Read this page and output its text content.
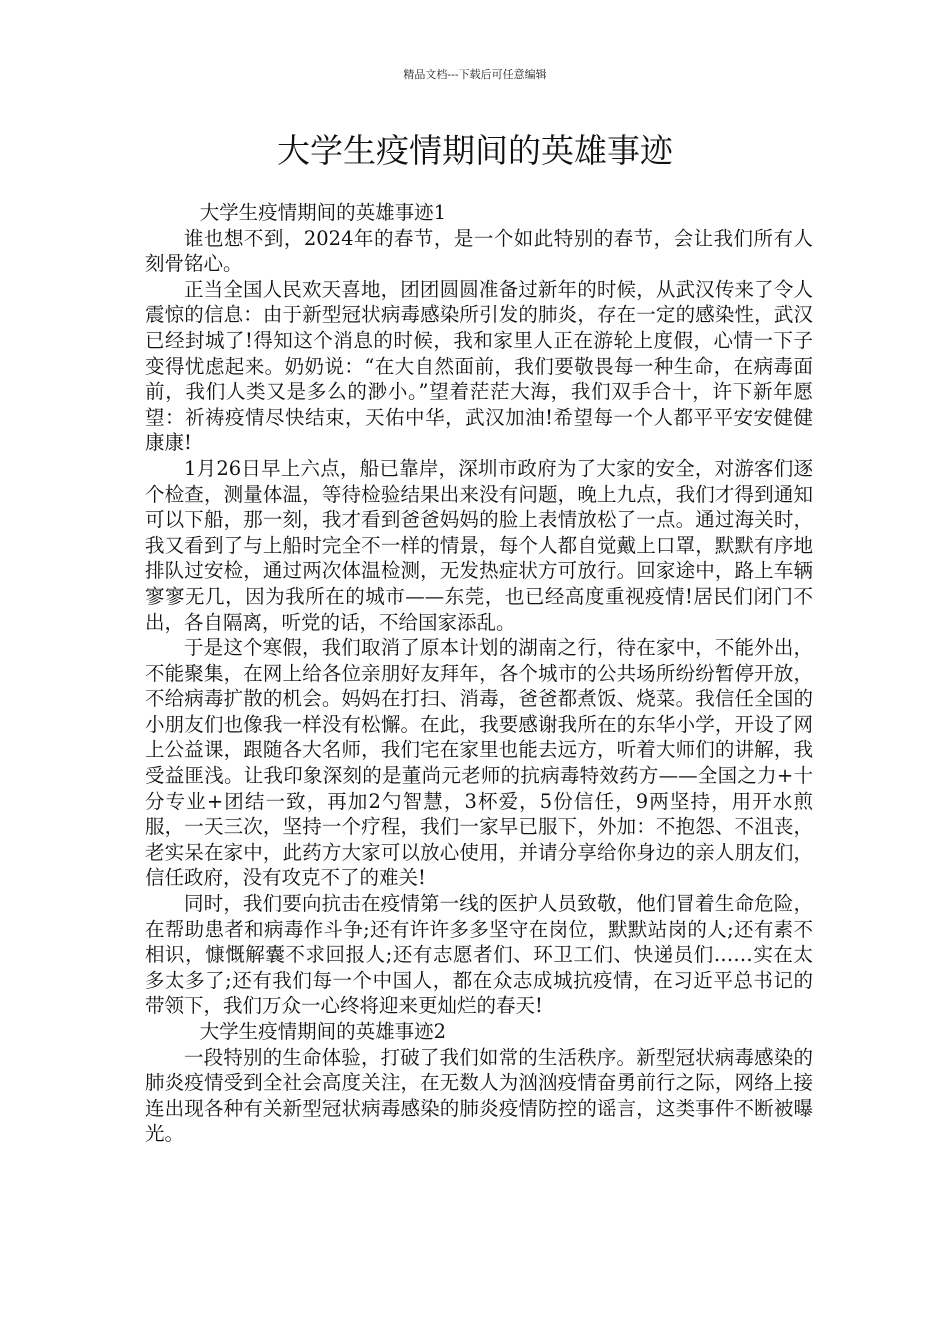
精品文档---下载后可任意编辑
大学生疫情期间的英雄事迹

大学生疫情期间的英雄事迹1

谁也想不到，2024年的春节，是一个如此特别的春节，会让我们所有人刻骨铭心。

正当全国人民欢天喜地，团团圆圆准备过新年的时候，从武汉传来了令人震惊的信息：由于新型冠状病毒感染所引发的肺炎，存在一定的感染性，武汉已经封城了!得知这个消息的时候，我和家里人正在游轮上度假，心情一下子变得忧虑起来。奶奶说：“在大自然面前，我们要敬畏每一种生命，在病毒面前，我们人类又是多么的渺小。”望着茫茫大海，我们双手合十，许下新年愿望：祈祷疫情尽快结束，天佑中华，武汉加油!希望每一个人都平平安安健健康康!

1月26日早上六点，船已靠岸，深圳市政府为了大家的安全，对游客们逐个检查，测量体温，等待检验结果出来没有问题，晚上九点，我们才得到通知可以下船，那一刻，我才看到爸爸妈妈的脸上表情放松了一点。通过海关时，我又看到了与上船时完全不一样的情景，每个人都自觉戴上口罩，默默有序地排队过安检，通过两次体温检测，无发热症状方可放行。回家途中，路上车辆寥寥无几，因为我所在的城市——东莞，也已经高度重视疫情!居民们闭门不出，各自隔离，听党的话，不给国家添乱。

于是这个寒假，我们取消了原本计划的湖南之行，待在家中，不能外出，不能聚集，在网上给各位亲朋好友拜年，各个城市的公共场所纷纷暂停开放，不给病毒扩散的机会。妈妈在打扫、消毒，爸爸都煮饭、烧菜。我信任全国的小朋友们也像我一样没有松懈。在此，我要感谢我所在的东华小学，开设了网上公益课，跟随各大名师，我们宅在家里也能去远方，听着大师们的讲解，我受益匪浅。让我印象深刻的是董尚元老师的抗病毒特效药方——全国之力+十分专业+团结一致，再加2勺智慧，3杯爱，5份信任，9两坚持，用开水煎服，一天三次，坚持一个疗程，我们一家早已服下，外加：不抱怨、不沮丧，老实呆在家中，此药方大家可以放心使用，并请分享给你身边的亲人朋友们，信任政府，没有攻克不了的难关!

同时，我们要向抗击在疫情第一线的医护人员致敬，他们冒着生命危险，在帮助患者和病毒作斗争;还有许许多多坚守在岗位，默默站岗的人;还有素不相识，慷慨解囊不求回报人;还有志愿者们、环卫工们、快递员们……实在太多太多了;还有我们每一个中国人，都在众志成城抗疫情，在习近平总书记的带领下，我们万众一心终将迎来更灿烂的春天!

大学生疫情期间的英雄事迹2

一段特别的生命体验，打破了我们如常的生活秩序。新型冠状病毒感染的肺炎疫情受到全社会高度关注，在无数人为汹汹疫情奋勇前行之际，网络上接连出现各种有关新型冠状病毒感染的肺炎疫情防控的谣言，这类事件不断被曝光。
